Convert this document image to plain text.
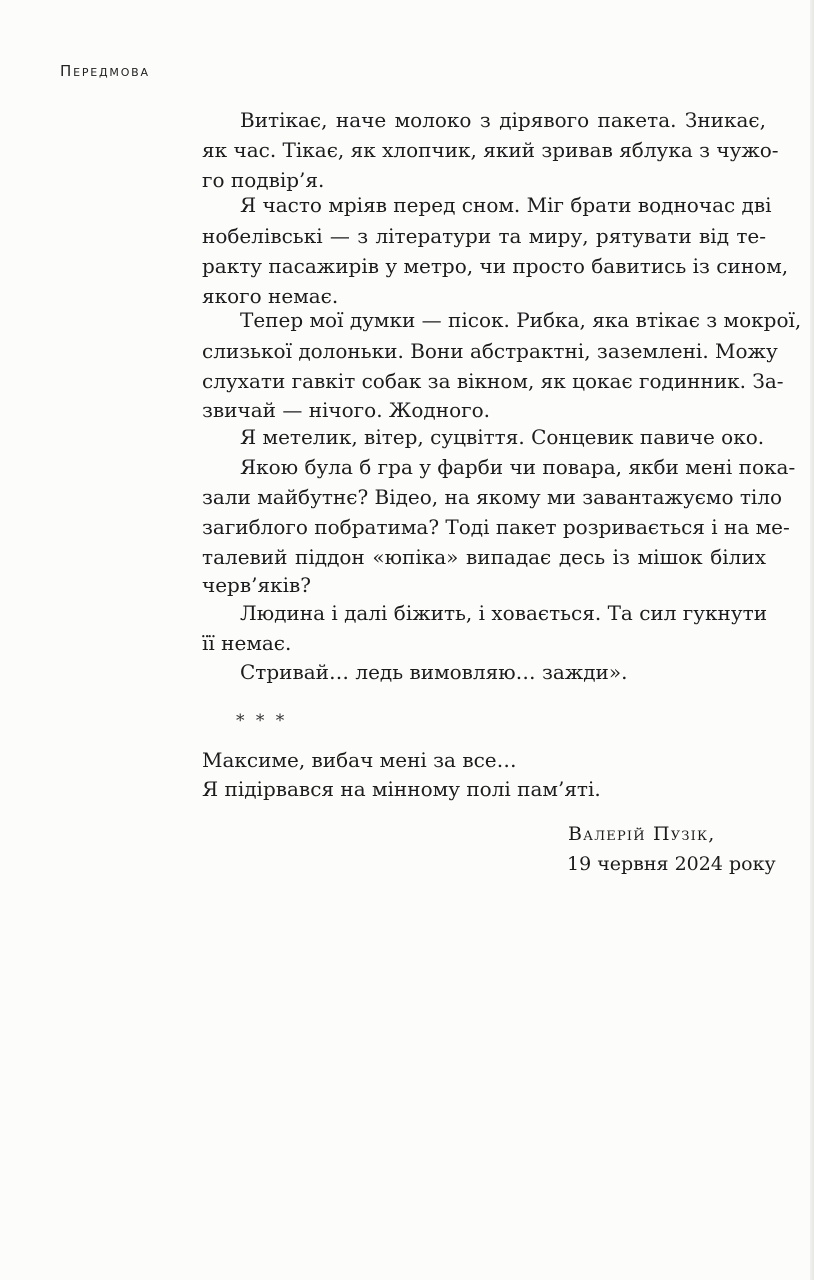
Передмова
Витікає, наче молоко з дірявого пакета. Зникає,
як час. Тікає, як хлопчик, який зривав яблука з чужо-
го подвір’я.
Я часто мріяв перед сном. Міг брати водночас дві
нобелівські — з літератури та миру, рятувати від те-
ракту пасажирів у метро, чи просто бавитись із сином,
якого немає.
Тепер мої думки — пісок. Рибка, яка втікає з мокрої,
слизької долоньки. Вони абстрактні, заземлені. Можу
слухати гавкіт собак за вікном, як цокає годинник. За-
звичай — нічого. Жодного.
Я метелик, вітер, суцвіття. Сонцевик павиче око.
Якою була б гра у фарби чи повара, якби мені пока-
зали майбутнє? Відео, на якому ми завантажуємо тіло
загиблого побратима? Тоді пакет розривається і на ме-
талевий піддон «юпіка» випадає десь із мішок білих
черв’яків?
Людина і далі біжить, і ховається. Та сил гукнути
її немає.
Стривай… ледь вимовляю… зажди».
* * *
Максиме, вибач мені за все…
Я підірвався на мінному полі пам’яті.
Валерій Пузік,
19 червня 2024 року
